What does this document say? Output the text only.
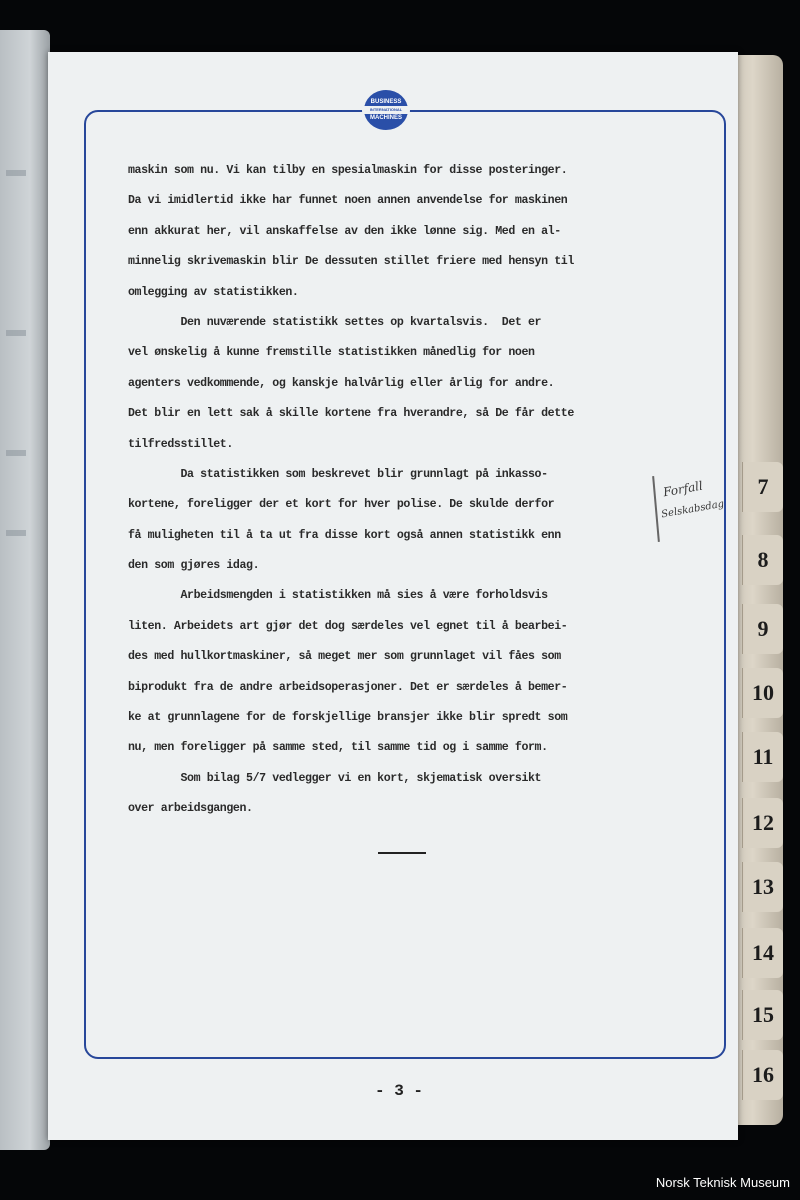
7
8
9
10
11
12
13
14
15
16
BUSINESS
INTERNATIONAL
MACHINES
maskin som nu. Vi kan tilby en spesialmaskin for disse posteringer.
Da vi imidlertid ikke har funnet noen annen anvendelse for maskinen
enn akkurat her, vil anskaffelse av den ikke lønne sig. Med en al-
minnelig skrivemaskin blir De dessuten stillet friere med hensyn til
omlegging av statistikken.
Den nuværende statistikk settes op kvartalsvis.  Det er
vel ønskelig å kunne fremstille statistikken månedlig for noen
agenters vedkommende, og kanskje halvårlig eller årlig for andre.
Det blir en lett sak å skille kortene fra hverandre, så De får dette
tilfredsstillet.
Da statistikken som beskrevet blir grunnlagt på inkasso-
kortene, foreligger der et kort for hver polise. De skulde derfor
få muligheten til å ta ut fra disse kort også annen statistikk enn
den som gjøres idag.
Arbeidsmengden i statistikken må sies å være forholdsvis
liten. Arbeidets art gjør det dog særdeles vel egnet til å bearbei-
des med hullkortmaskiner, så meget mer som grunnlaget vil fåes som
biprodukt fra de andre arbeidsoperasjoner. Det er særdeles å bemer-
ke at grunnlagene for de forskjellige bransjer ikke blir spredt som
nu, men foreligger på samme sted, til samme tid og i samme form.
Som bilag 5/7 vedlegger vi en kort, skjematisk oversikt
over arbeidsgangen.
Forfall
Selskabsdag
- 3 -
Norsk Teknisk Museum
